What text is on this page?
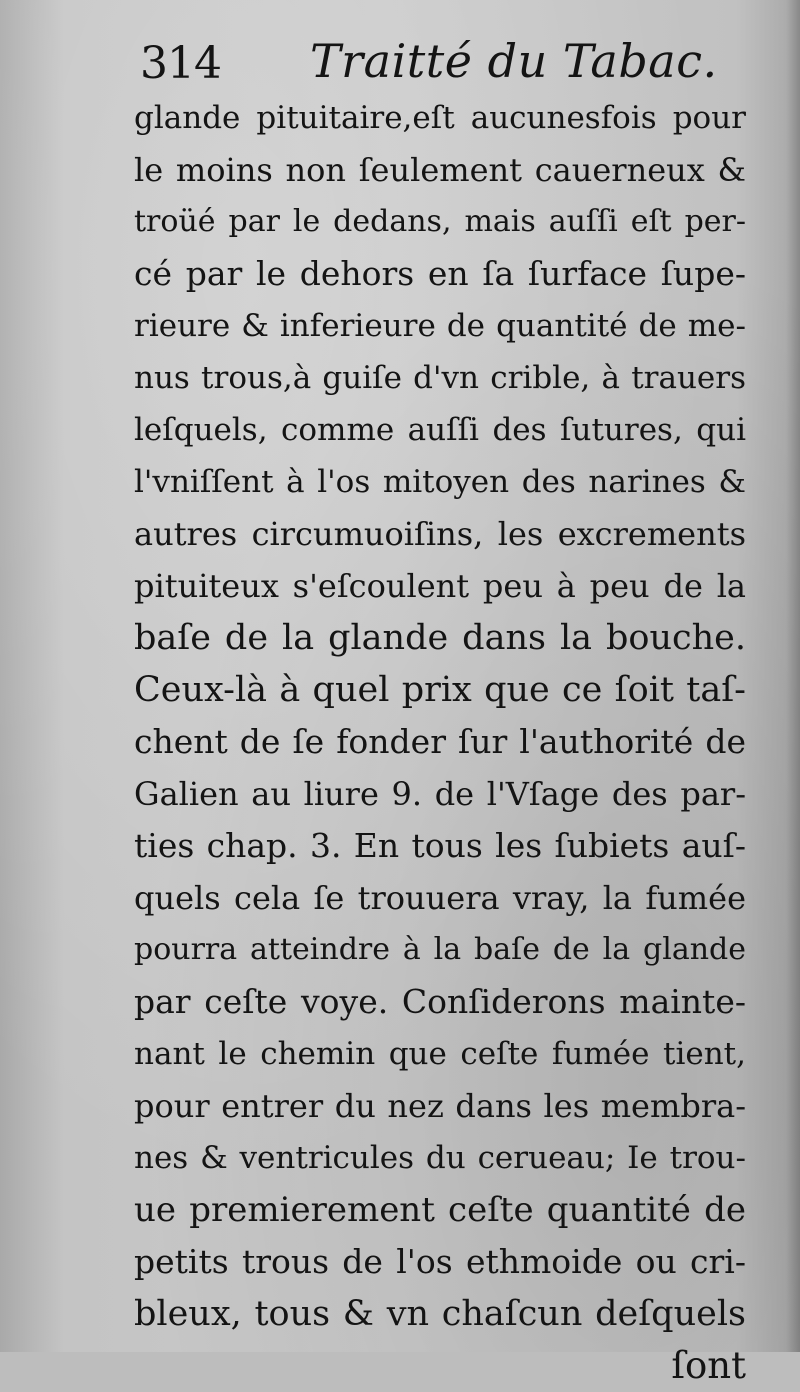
314 Traitté du Tabac.
glande pituitaire,eſt aucunesfois pour
le moins non ſeulement cauerneux &
troüé par le dedans, mais auſſi eſt per-
cé par le dehors en ſa ſurface ſupe-
rieure & inferieure de quantité de me-
nus trous,à guiſe d'vn crible, à trauers
leſquels, comme auſſi des ſutures, qui
l'vniſſent à l'os mitoyen des narines &
autres circumuoiſins, les excrements
pituiteux s'eſcoulent peu à peu de la
baſe de la glande dans la bouche.
Ceux-là à quel prix que ce ſoit taſ-
chent de ſe fonder ſur l'authorité de
Galien au liure 9. de l'Vſage des par-
ties chap. 3. En tous les ſubiets auſ-
quels cela ſe trouuera vray, la fumée
pourra atteindre à la baſe de la glande
par ceſte voye. Conſiderons mainte-
nant le chemin que ceſte fumée tient,
pour entrer du nez dans les membra-
nes & ventricules du cerueau; Ie trou-
ue premierement ceſte quantité de
petits trous de l'os ethmoide ou cri-
bleux, tous & vn chaſcun deſquels
ſont
